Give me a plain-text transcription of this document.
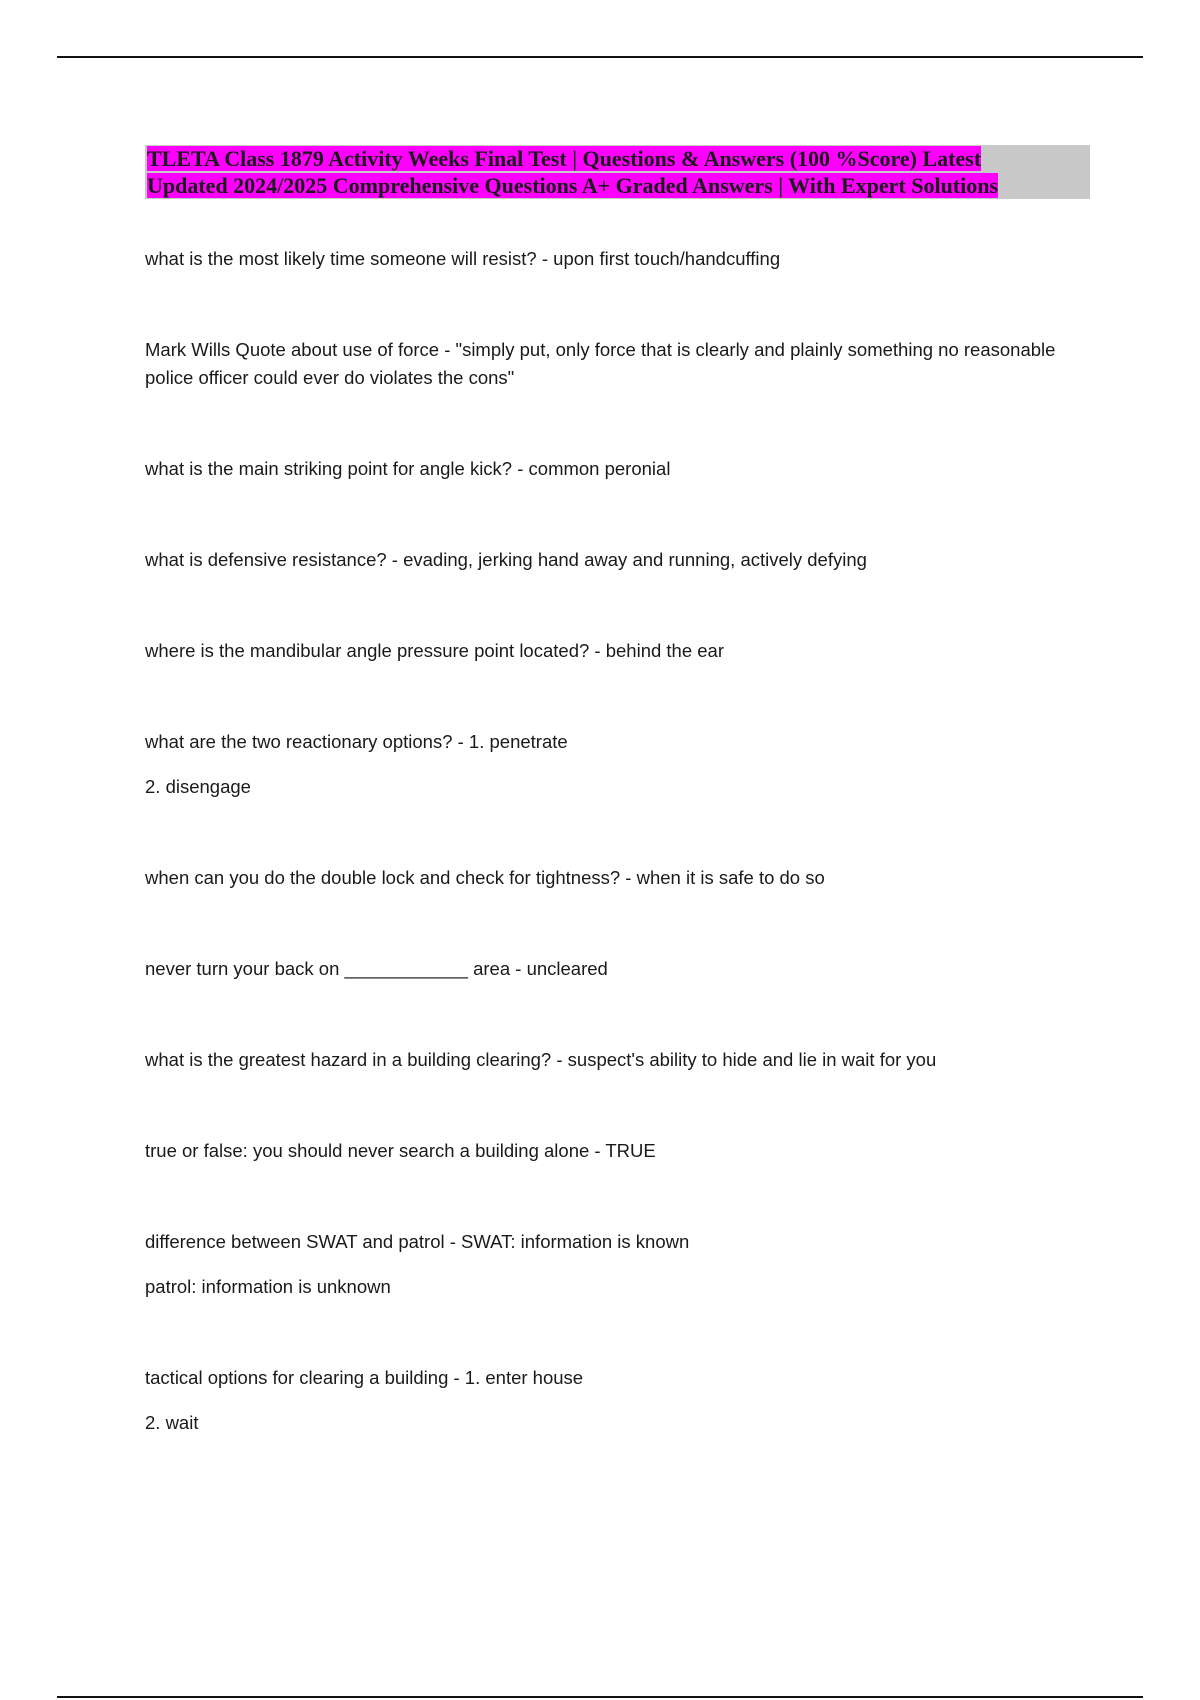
TLETA Class 1879 Activity Weeks Final Test | Questions & Answers (100 %Score) Latest
Updated 2024/2025 Comprehensive Questions A+ Graded Answers | With Expert Solutions
what is the most likely time someone will resist? - upon first touch/handcuffing
Mark Wills Quote about use of force - "simply put, only force that is clearly and plainly something no reasonable police officer could ever do violates the cons"
what is the main striking point for angle kick? - common peronial
what is defensive resistance? - evading, jerking hand away and running, actively defying
where is the mandibular angle pressure point located? - behind the ear
what are the two reactionary options? - 1. penetrate
2. disengage
when can you do the double lock and check for tightness? - when it is safe to do so
never turn your back on ____________ area - uncleared
what is the greatest hazard in a building clearing? - suspect's ability to hide and lie in wait for you
true or false: you should never search a building alone - TRUE
difference between SWAT and patrol - SWAT: information is known
patrol: information is unknown
tactical options for clearing a building - 1. enter house
2. wait
